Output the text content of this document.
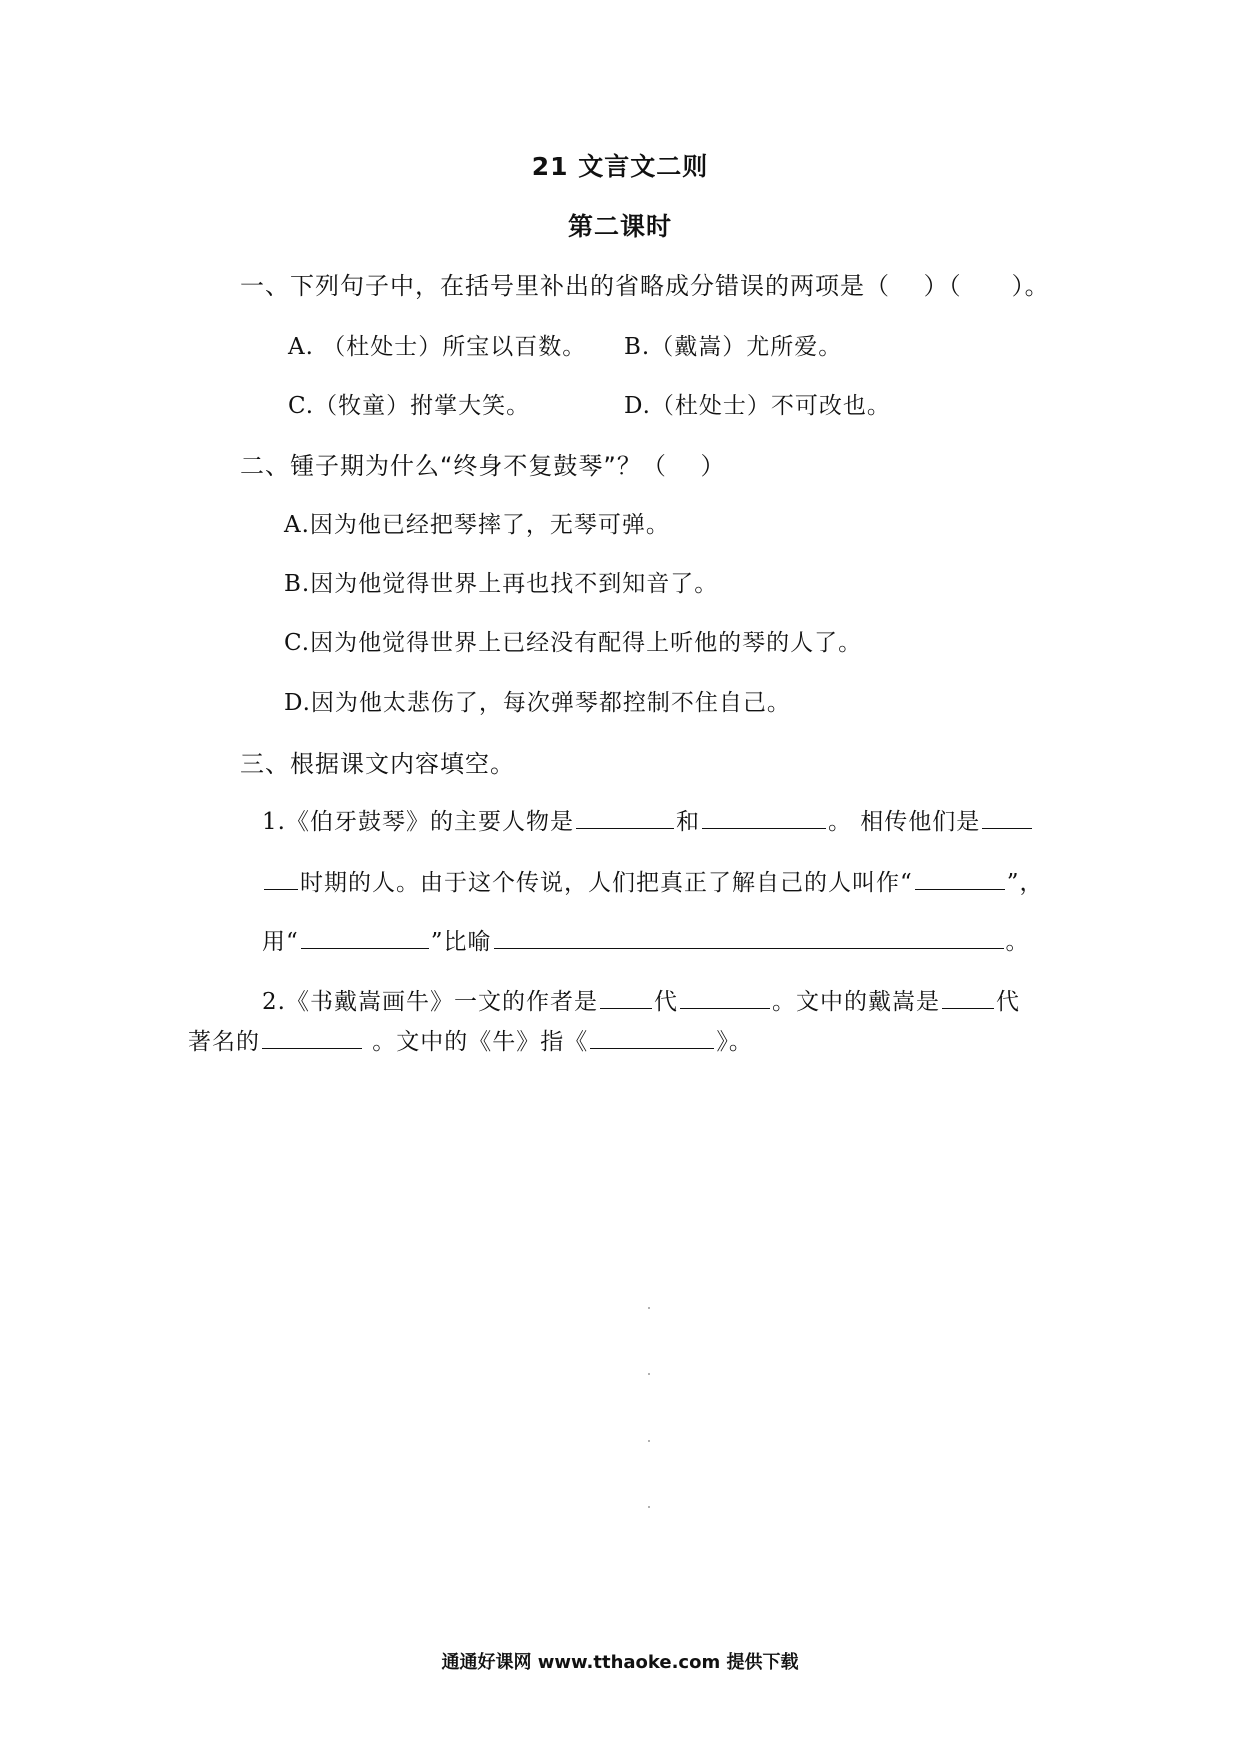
21 文言文二则
第二课时
一、下列句子中，在括号里补出的省略成分错误的两项是（　 ）（　　）。
A. （杜处士）所宝以百数。 B.（戴嵩）尤所爱。
C.（牧童）拊掌大笑。	D.（杜处士）不可改也。
二、锺子期为什么“终身不复鼓琴”？（　 ）
A.因为他已经把琴摔了，无琴可弹。
B.因为他觉得世界上再也找不到知音了。
C.因为他觉得世界上已经没有配得上听他的琴的人了。
D.因为他太悲伤了，每次弹琴都控制不住自己。
三、根据课文内容填空。
1.《伯牙鼓琴》的主要人物是	和	。 相传他们是
时期的人。由于这个传说，人们把真正了解自己的人叫作“	”，
用“	”比喻	。
2.《书戴嵩画牛》一文的作者是 代	。文中的戴嵩是 代
著名的	。文中的《牛》指《	》。
通通好课网 www.tthaoke.com 提供下载
